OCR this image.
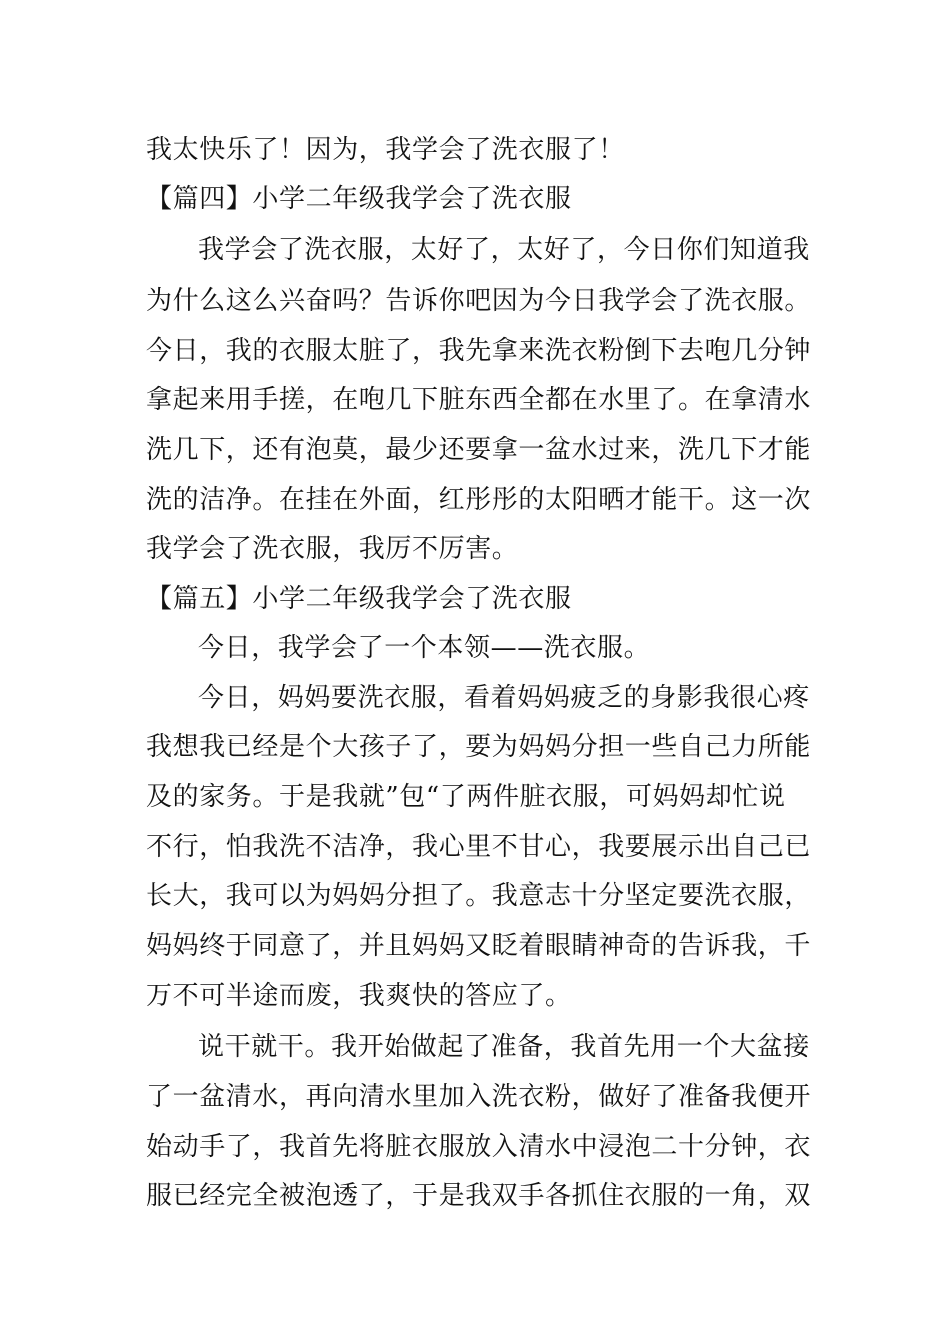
我太快乐了！因为，我学会了洗衣服了！
【篇四】小学二年级我学会了洗衣服
我学会了洗衣服，太好了，太好了，今日你们知道我
为什么这么兴奋吗？告诉你吧因为今日我学会了洗衣服。
今日，我的衣服太脏了，我先拿来洗衣粉倒下去咆几分钟
拿起来用手搓，在咆几下脏东西全都在水里了。在拿清水
洗几下，还有泡莫，最少还要拿一盆水过来，洗几下才能
洗的洁净。在挂在外面，红彤彤的太阳晒才能干。这一次
我学会了洗衣服，我厉不厉害。
【篇五】小学二年级我学会了洗衣服
今日，我学会了一个本领——洗衣服。
今日，妈妈要洗衣服，看着妈妈疲乏的身影我很心疼
我想我已经是个大孩子了，要为妈妈分担一些自己力所能
及的家务。于是我就”包“了两件脏衣服，可妈妈却忙说
不行，怕我洗不洁净，我心里不甘心，我要展示出自己已
长大，我可以为妈妈分担了。我意志十分坚定要洗衣服，
妈妈终于同意了，并且妈妈又眨着眼睛神奇的告诉我，千
万不可半途而废，我爽快的答应了。
说干就干。我开始做起了准备，我首先用一个大盆接
了一盆清水，再向清水里加入洗衣粉，做好了准备我便开
始动手了，我首先将脏衣服放入清水中浸泡二十分钟，衣
服已经完全被泡透了，于是我双手各抓住衣服的一角，双
